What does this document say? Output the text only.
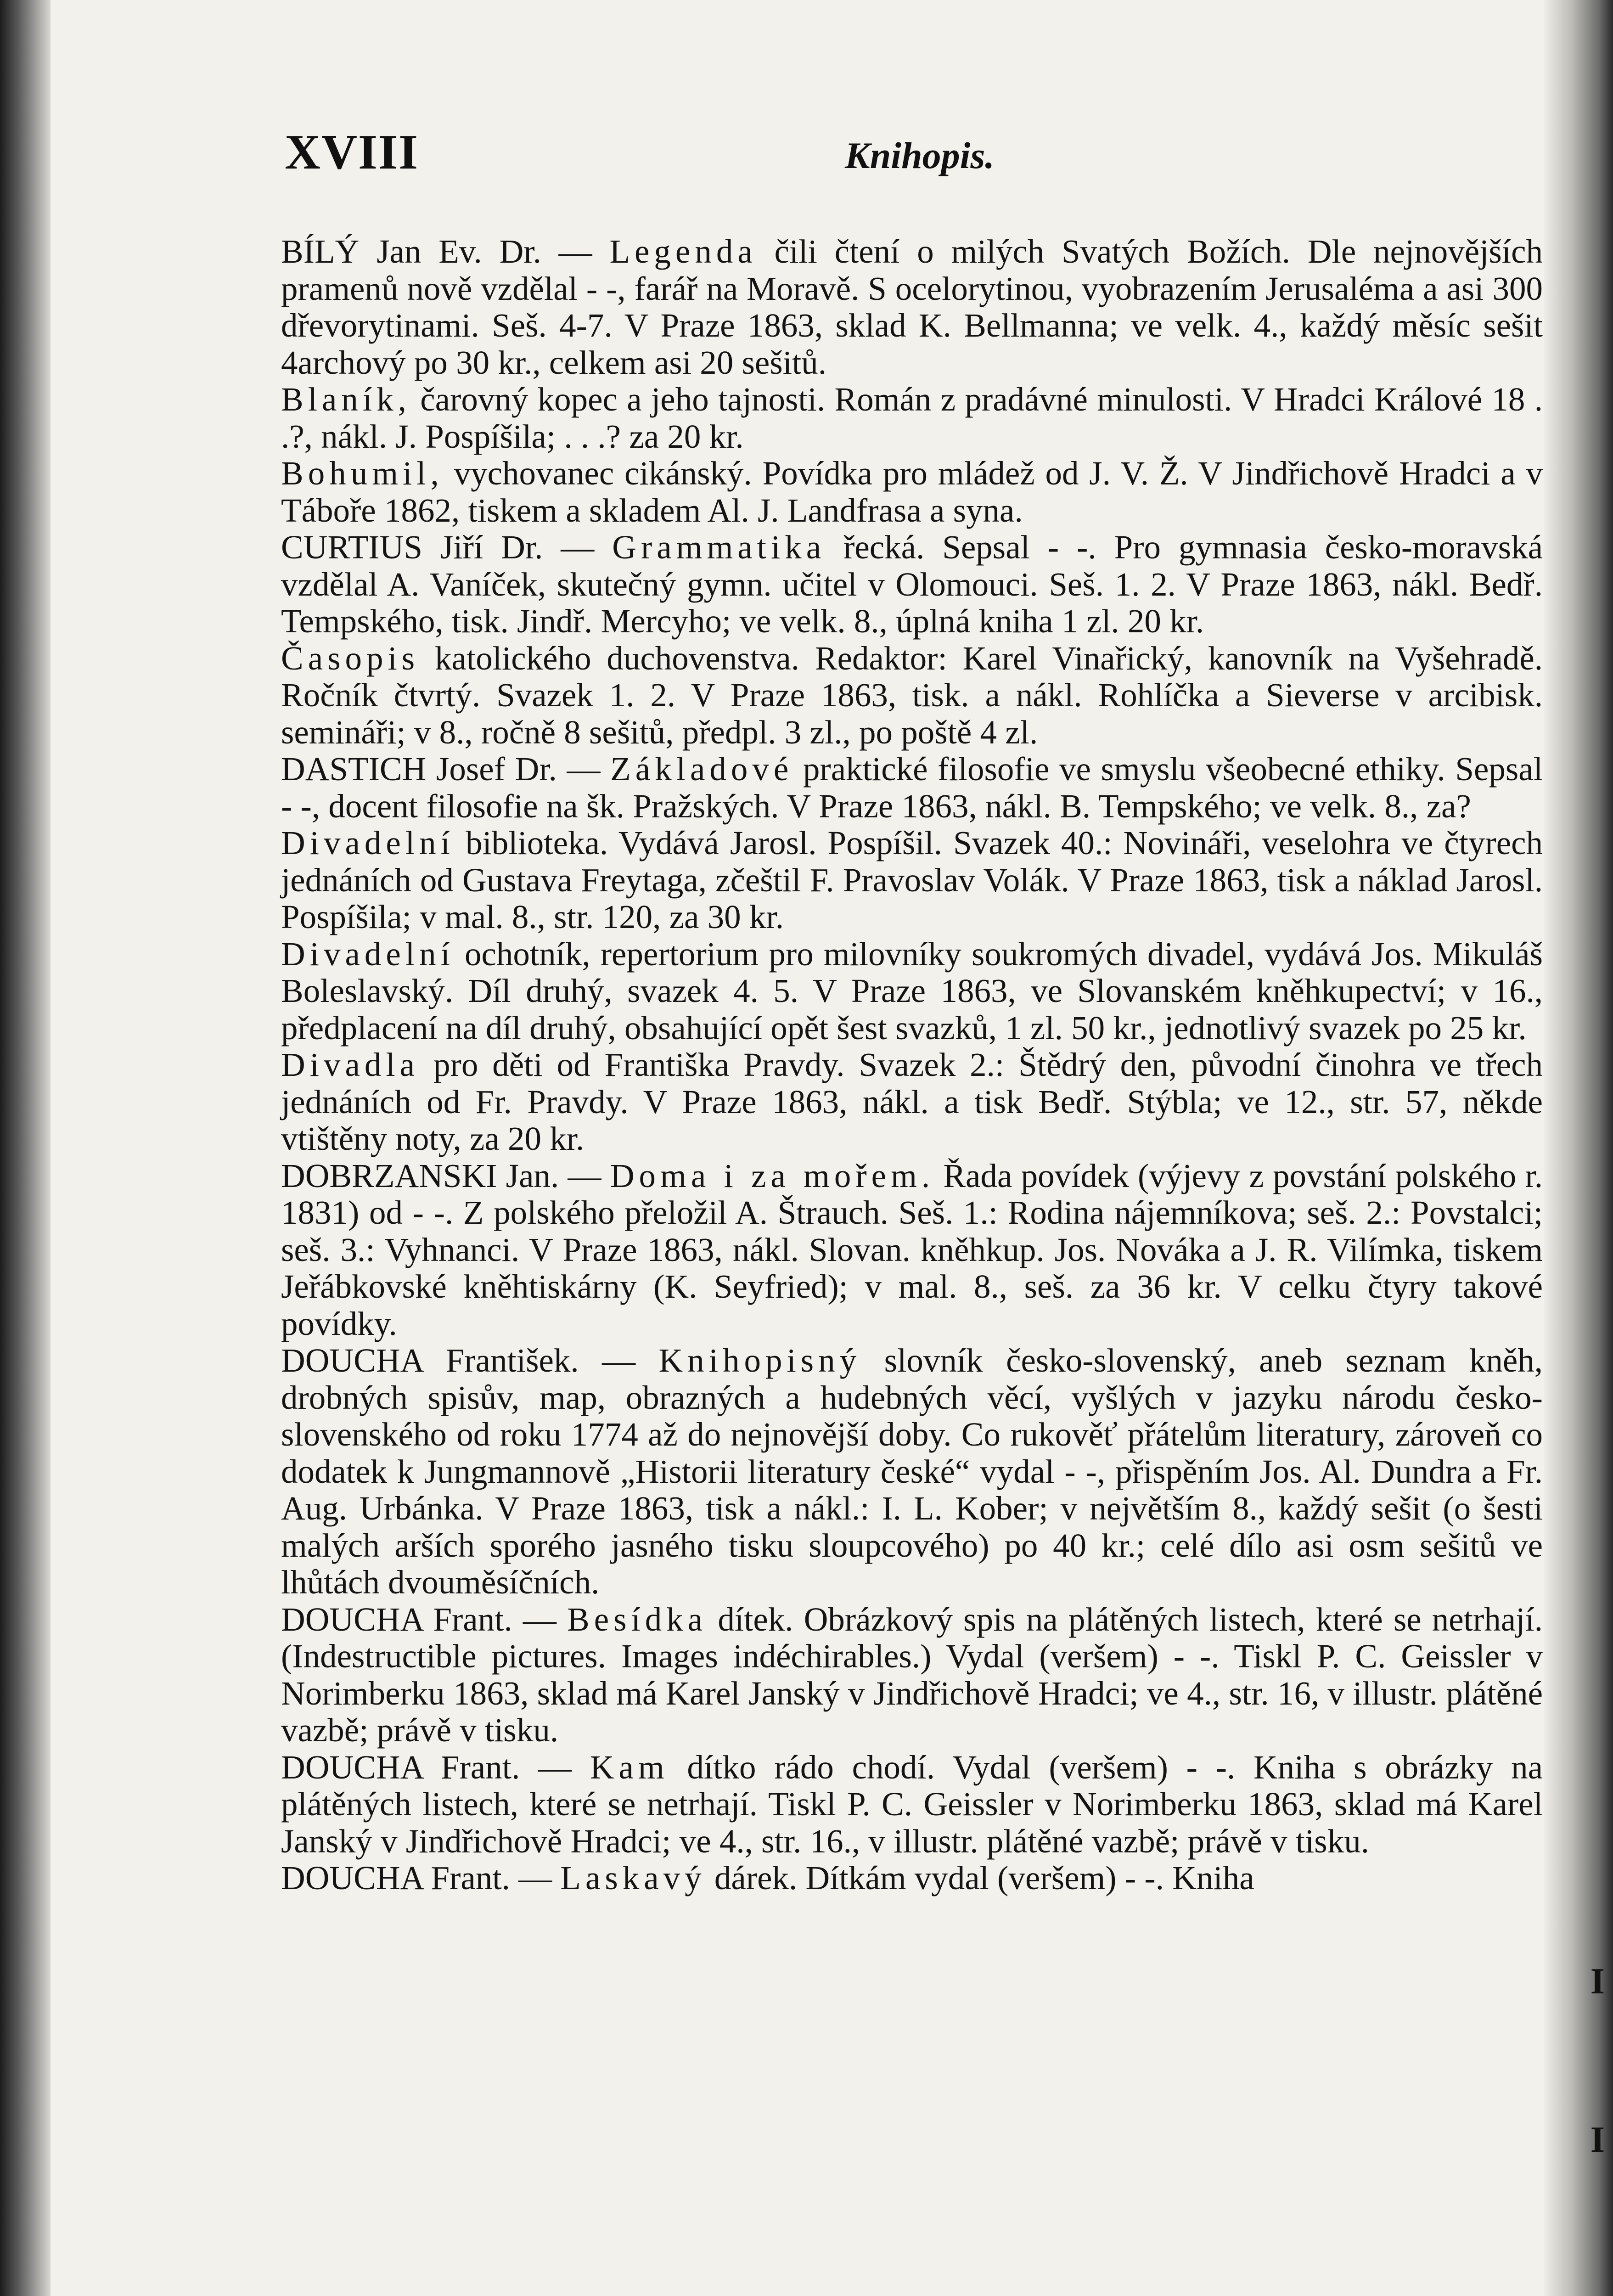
I
I
XVIII	Knihopis.

BÍLÝ Jan Ev. Dr. — Legenda čili čtení o milých Svatých Božích. Dle nejnovějších pramenů nově vzdělal - -, farář na Moravě. S ocelorytinou, vyobrazením Jerusaléma a asi 300 dřevorytinami. Seš. 4-7. V Praze 1863, sklad K. Bellmanna; ve velk. 4., každý měsíc sešit 4archový po 30 kr., celkem asi 20 sešitů.

Blaník, čarovný kopec a jeho tajnosti. Román z pradávné minulosti. V Hradci Králové 18 . .?, nákl. J. Pospíšila; . . .? za 20 kr.

Bohumil, vychovanec cikánský. Povídka pro mládež od J. V. Ž. V Jindřichově Hradci a v Táboře 1862, tiskem a skladem Al. J. Landfrasa a syna.

CURTIUS Jiří Dr. — Grammatika řecká. Sepsal - -. Pro gymnasia česko-moravská vzdělal A. Vaníček, skutečný gymn. učitel v Olomouci. Seš. 1. 2. V Praze 1863, nákl. Bedř. Tempského, tisk. Jindř. Mercyho; ve velk. 8., úplná kniha 1 zl. 20 kr.

Časopis katolického duchovenstva. Redaktor: Karel Vinařický, kanovník na Vyšehradě. Ročník čtvrtý. Svazek 1. 2. V Praze 1863, tisk. a nákl. Rohlíčka a Sieverse v arcibisk. semináři; v 8., ročně 8 sešitů, předpl. 3 zl., po poště 4 zl.

DASTICH Josef Dr. — Základové praktické filosofie ve smyslu všeobecné ethiky. Sepsal - -, docent filosofie na šk. Pražských. V Praze 1863, nákl. B. Tempského; ve velk. 8., za?

Divadelní biblioteka. Vydává Jarosl. Pospíšil. Svazek 40.: Novináři, veselohra ve čtyrech jednáních od Gustava Freytaga, zčeštil F. Pravoslav Volák. V Praze 1863, tisk a náklad Jarosl. Pospíšila; v mal. 8., str. 120, za 30 kr.

Divadelní ochotník, repertorium pro milovníky soukromých divadel, vydává Jos. Mikuláš Boleslavský. Díl druhý, svazek 4. 5. V Praze 1863, ve Slovanském kněhkupectví; v 16., předplacení na díl druhý, obsahující opět šest svazků, 1 zl. 50 kr., jednotlivý svazek po 25 kr.

Divadla pro děti od Františka Pravdy. Svazek 2.: Štědrý den, původní činohra ve třech jednáních od Fr. Pravdy. V Praze 1863, nákl. a tisk Bedř. Stýbla; ve 12., str. 57, někde vtištěny noty, za 20 kr.

DOBRZANSKI Jan. — Doma i za mořem. Řada povídek (výjevy z povstání polského r. 1831) od - -. Z polského přeložil A. Štrauch. Seš. 1.: Rodina nájemníkova; seš. 2.: Povstalci; seš. 3.: Vyhnanci. V Praze 1863, nákl. Slovan. kněhkup. Jos. Nováka a J. R. Vilímka, tiskem Jeřábkovské kněhtiskárny (K. Seyfried); v mal. 8., seš. za 36 kr. V celku čtyry takové povídky.

DOUCHA František. — Knihopisný slovník česko-slovenský, aneb seznam kněh, drobných spisův, map, obrazných a hudebných věcí, vyšlých v jazyku národu česko-slovenského od roku 1774 až do nejnovější doby. Co rukověť přátelům literatury, zároveň co dodatek k Jungmannově „Historii literatury české“ vydal - -, přispěním Jos. Al. Dundra a Fr. Aug. Urbánka. V Praze 1863, tisk a nákl.: I. L. Kober; v největším 8., každý sešit (o šesti malých arších sporého jasného tisku sloupcového) po 40 kr.; celé dílo asi osm sešitů ve lhůtách dvouměsíčních.

DOUCHA Frant. — Besídka dítek. Obrázkový spis na plátěných listech, které se netrhají. (Indestructible pictures. Images indéchirables.) Vydal (veršem) - -. Tiskl P. C. Geissler v Norimberku 1863, sklad má Karel Janský v Jindřichově Hradci; ve 4., str. 16, v illustr. plátěné vazbě; právě v tisku.

DOUCHA Frant. — Kam dítko rádo chodí. Vydal (veršem) - -. Kniha s obrázky na plátěných listech, které se netrhají. Tiskl P. C. Geissler v Norimberku 1863, sklad má Karel Janský v Jindřichově Hradci; ve 4., str. 16., v illustr. plátěné vazbě; právě v tisku.

DOUCHA Frant. — Laskavý dárek. Dítkám vydal (veršem) - -. Kniha
